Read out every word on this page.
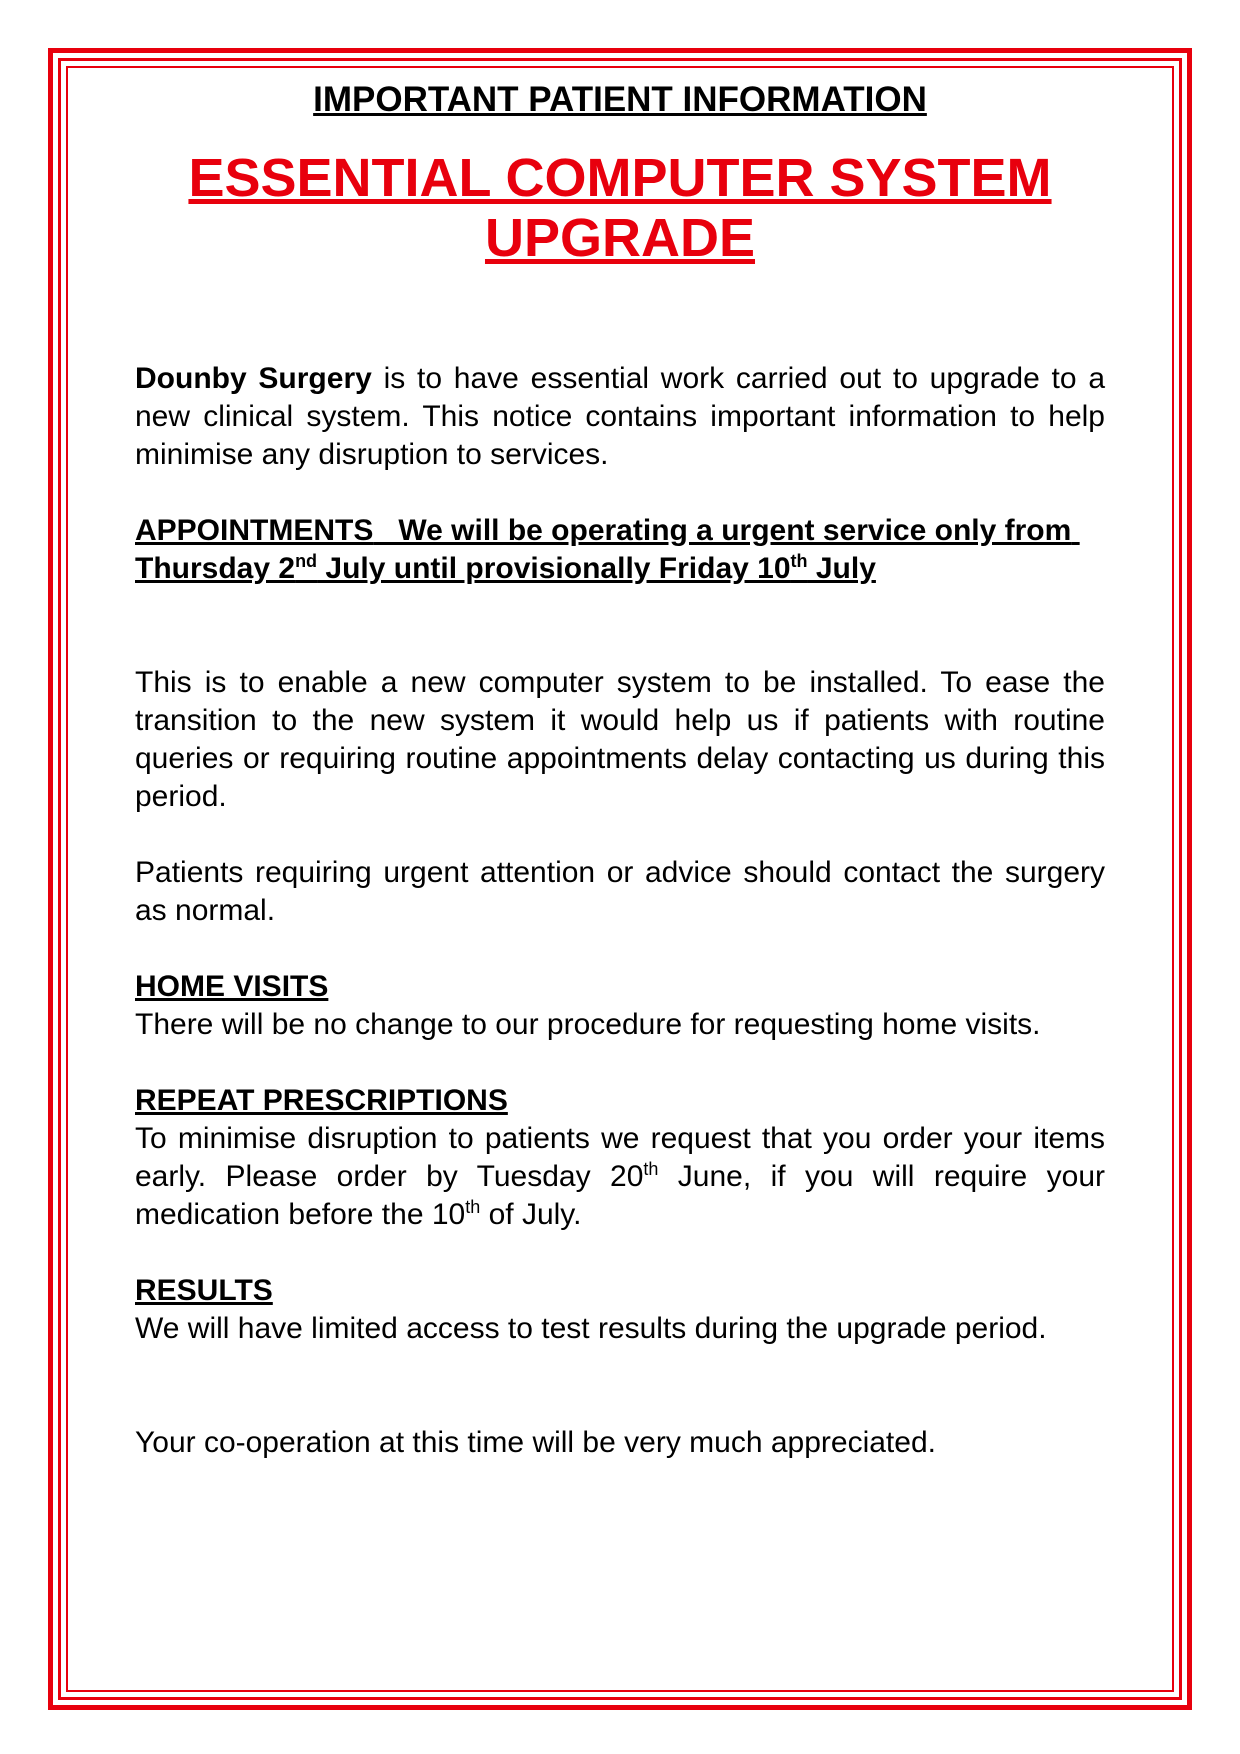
IMPORTANT PATIENT INFORMATION
ESSENTIAL COMPUTER SYSTEM
UPGRADE

Dounby Surgery is to have essential work carried out to upgrade to a new clinical system. This notice contains important information to help minimise any disruption to services.

APPOINTMENTS   We will be operating a urgent service only from Thursday 2nd July until provisionally Friday 10th July

This is to enable a new computer system to be installed. To ease the transition to the new system it would help us if patients with routine queries or requiring routine appointments delay contacting us during this period.

Patients requiring urgent attention or advice should contact the surgery as normal.

HOME VISITS

There will be no change to our procedure for requesting home visits.

REPEAT PRESCRIPTIONS

To minimise disruption to patients we request that you order your items early. Please order by Tuesday 20th June, if you will require your medication before the 10th of July.

RESULTS

We will have limited access to test results during the upgrade period.

Your co-operation at this time will be very much appreciated.
